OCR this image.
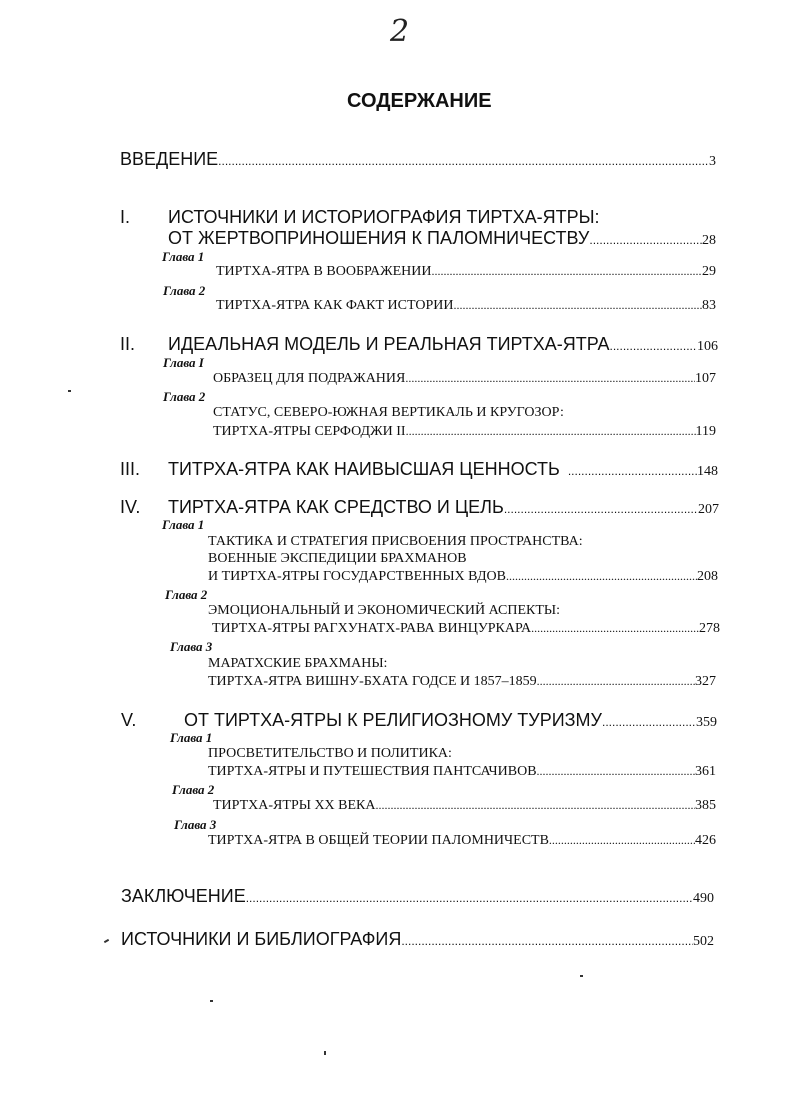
2
СОДЕРЖАНИЕ
ВВЕДЕНИЕ .....	3
I. ИСТОЧНИКИ И ИСТОРИОГРАФИЯ ТИРТХА-ЯТРЫ:
ОТ ЖЕРТВОПРИНОШЕНИЯ К ПАЛОМНИЧЕСТВУ .....	28
Глава 1
ТИРТХА-ЯТРА В ВООБРАЖЕНИИ .....	29
Глава 2
ТИРТХА-ЯТРА КАК ФАКТ ИСТОРИИ .....	83
II.	ИДЕАЛЬНАЯ МОДЕЛЬ И РЕАЛЬНАЯ ТИРТХА-ЯТРА .....	106
Глава I
ОБРАЗЕЦ ДЛЯ ПОДРАЖАНИЯ .....	107
Глава 2
СТАТУС, СЕВЕРО-ЮЖНАЯ ВЕРТИКАЛЬ И КРУГОЗОР:
ТИРТХА-ЯТРЫ СЕРФОДЖИ II .....	119
III.	ТИТРХА-ЯТРА КАК НАИВЫСШАЯ ЦЕННОСТЬ .....	148
IV.	ТИРТХА-ЯТРА КАК СРЕДСТВО И ЦЕЛЬ .....	207
Глава 1
ТАКТИКА И СТРАТЕГИЯ ПРИСВОЕНИЯ ПРОСТРАНСТВА:
ВОЕННЫЕ ЭКСПЕДИЦИИ БРАХМАНОВ
И ТИРТХА-ЯТРЫ ГОСУДАРСТВЕННЫХ ВДОВ .....	208
Глава 2
ЭМОЦИОНАЛЬНЫЙ И ЭКОНОМИЧЕСКИЙ АСПЕКТЫ:
ТИРТХА-ЯТРЫ РАГХУНАТХ-РАВА ВИНЦУРКАРА .....	278
Глава 3
МАРАТХСКИЕ БРАХМАНЫ:
ТИРТХА-ЯТРА ВИШНУ-БХАТА ГОДСЕ И 1857–1859 .....	327
V.	ОТ ТИРТХА-ЯТРЫ К РЕЛИГИОЗНОМУ ТУРИЗМУ .....	359
Глава 1
ПРОСВЕТИТЕЛЬСТВО И ПОЛИТИКА:
ТИРТХА-ЯТРЫ И ПУТЕШЕСТВИЯ ПАНТСАЧИВОВ .....	361
Глава 2
ТИРТХА-ЯТРЫ XX ВЕКА .....	385
Глава 3
ТИРТХА-ЯТРА В ОБЩЕЙ ТЕОРИИ ПАЛОМНИЧЕСТВ .....	426
ЗАКЛЮЧЕНИЕ .....	490
ИСТОЧНИКИ И БИБЛИОГРАФИЯ .....	502
